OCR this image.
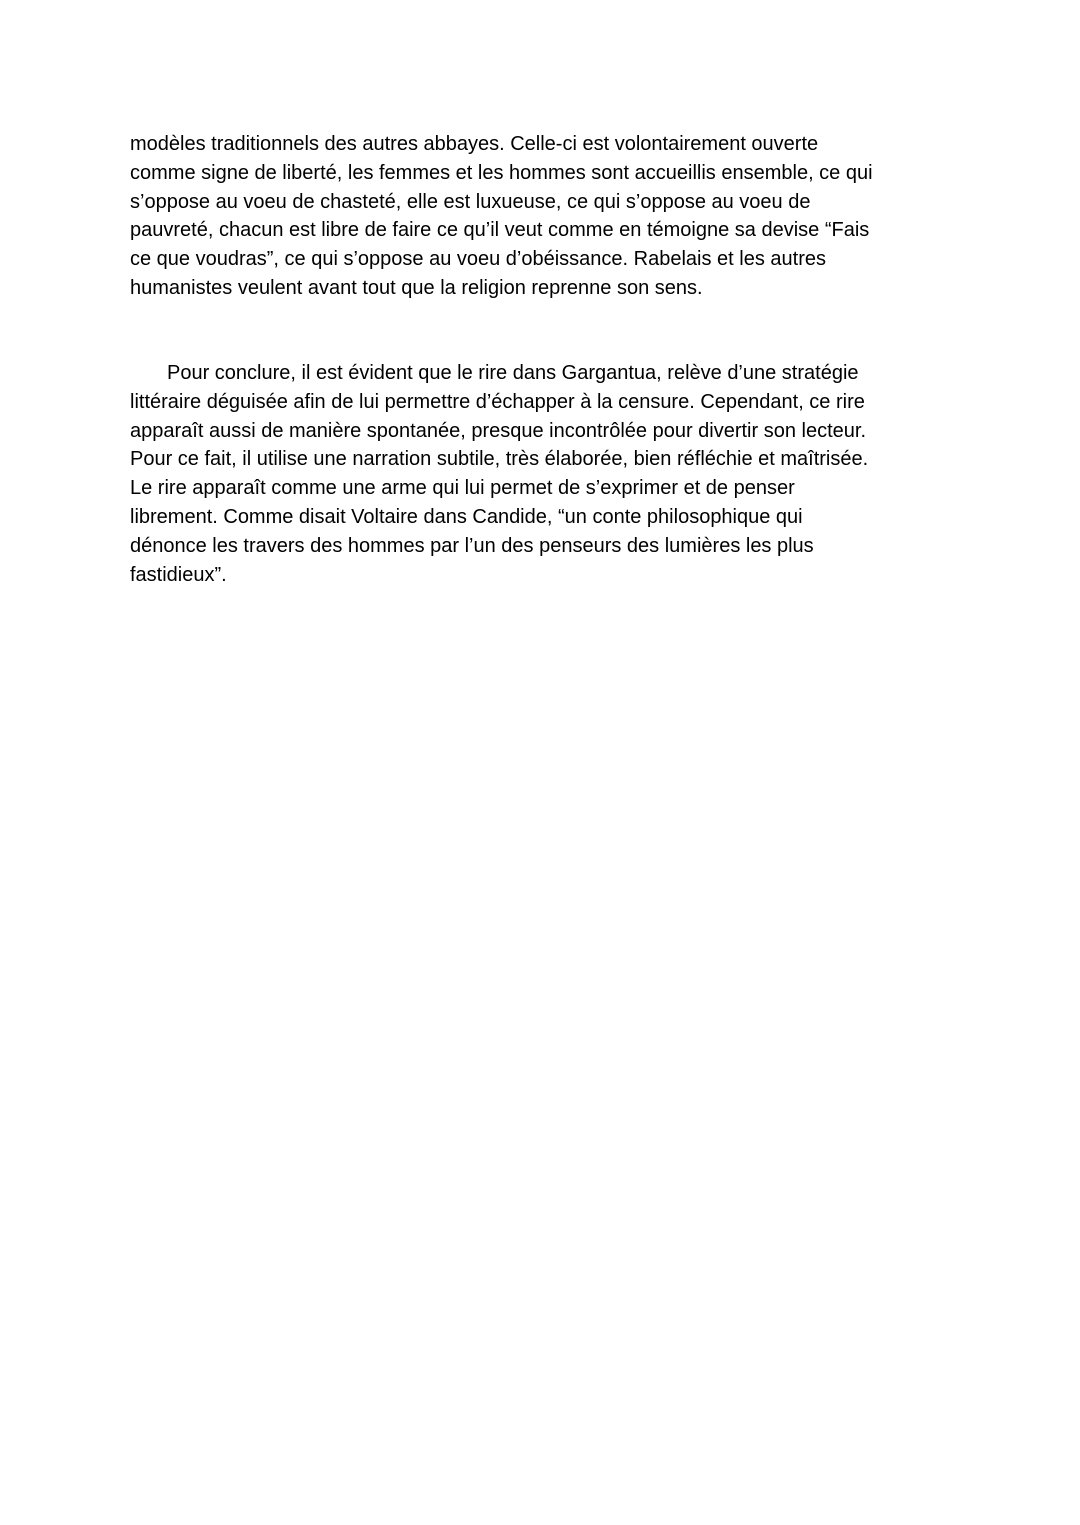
modèles traditionnels des autres abbayes. Celle-ci est volontairement ouverte
comme signe de liberté, les femmes et les hommes sont accueillis ensemble, ce qui
s’oppose au voeu de chasteté, elle est luxueuse, ce qui s’oppose au voeu de
pauvreté, chacun est libre de faire ce qu’il veut comme en témoigne sa devise “Fais
ce que voudras”, ce qui s’oppose au voeu d’obéissance. Rabelais et les autres
humanistes veulent avant tout que la religion reprenne son sens.

Pour conclure, il est évident que le rire dans Gargantua, relève d’une stratégie
littéraire déguisée afin de lui permettre d’échapper à la censure. Cependant, ce rire
apparaît aussi de manière spontanée, presque incontrôlée pour divertir son lecteur.
Pour ce fait, il utilise une narration subtile, très élaborée, bien réfléchie et maîtrisée.
Le rire apparaît comme une arme qui lui permet de s’exprimer et de penser
librement. Comme disait Voltaire dans Candide, “un conte philosophique qui
dénonce les travers des hommes par l’un des penseurs des lumières les plus
fastidieux”.
